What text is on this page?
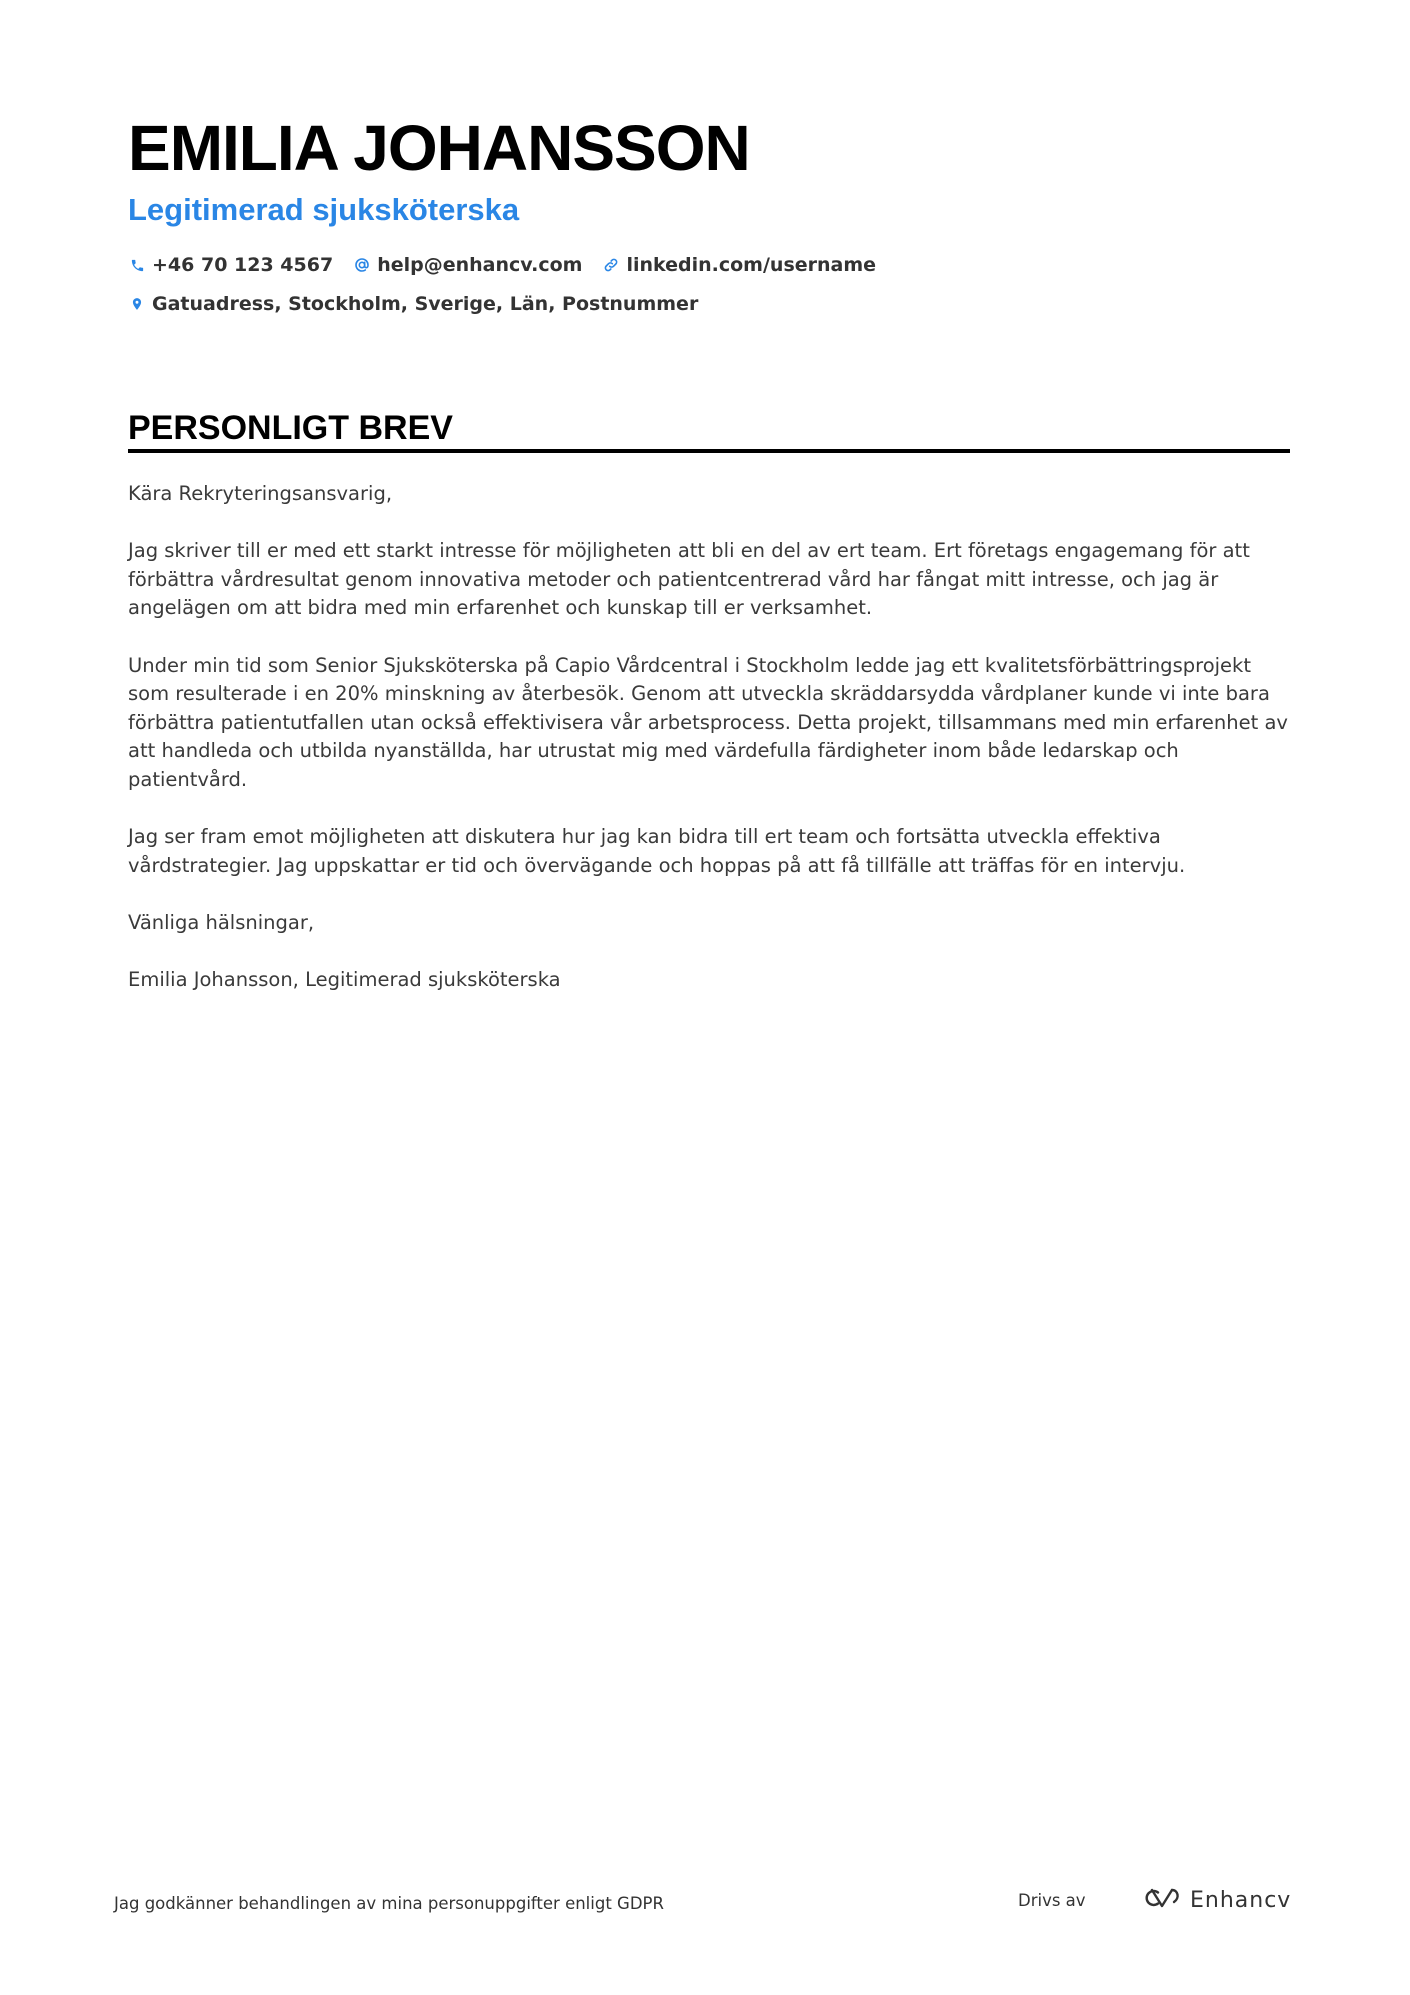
EMILIA JOHANSSON
Legitimerad sjuksköterska
+46 70 123 4567 help@enhancv.com linkedin.com/username
Gatuadress, Stockholm, Sverige, Län, Postnummer
PERSONLIGT BREV

Kära Rekryteringsansvarig,

Jag skriver till er med ett starkt intresse för möjligheten att bli en del av ert team. Ert företags engagemang för att förbättra vårdresultat genom innovativa metoder och patientcentrerad vård har fångat mitt intresse, och jag är angelägen om att bidra med min erfarenhet och kunskap till er verksamhet.

Under min tid som Senior Sjuksköterska på Capio Vårdcentral i Stockholm ledde jag ett kvalitetsförbättringsprojekt som resulterade i en 20% minskning av återbesök. Genom att utveckla skräddarsydda vårdplaner kunde vi inte bara förbättra patientutfallen utan också effektivisera vår arbetsprocess. Detta projekt, tillsammans med min erfarenhet av att handleda och utbilda nyanställda, har utrustat mig med värdefulla färdigheter inom både ledarskap och patientvård.

Jag ser fram emot möjligheten att diskutera hur jag kan bidra till ert team och fortsätta utveckla effektiva vårdstrategier. Jag uppskattar er tid och övervägande och hoppas på att få tillfälle att träffas för en intervju.

Vänliga hälsningar,

Emilia Johansson, Legitimerad sjuksköterska

Jag godkänner behandlingen av mina personuppgifter enligt GDPR	Drivs av	Enhancv
